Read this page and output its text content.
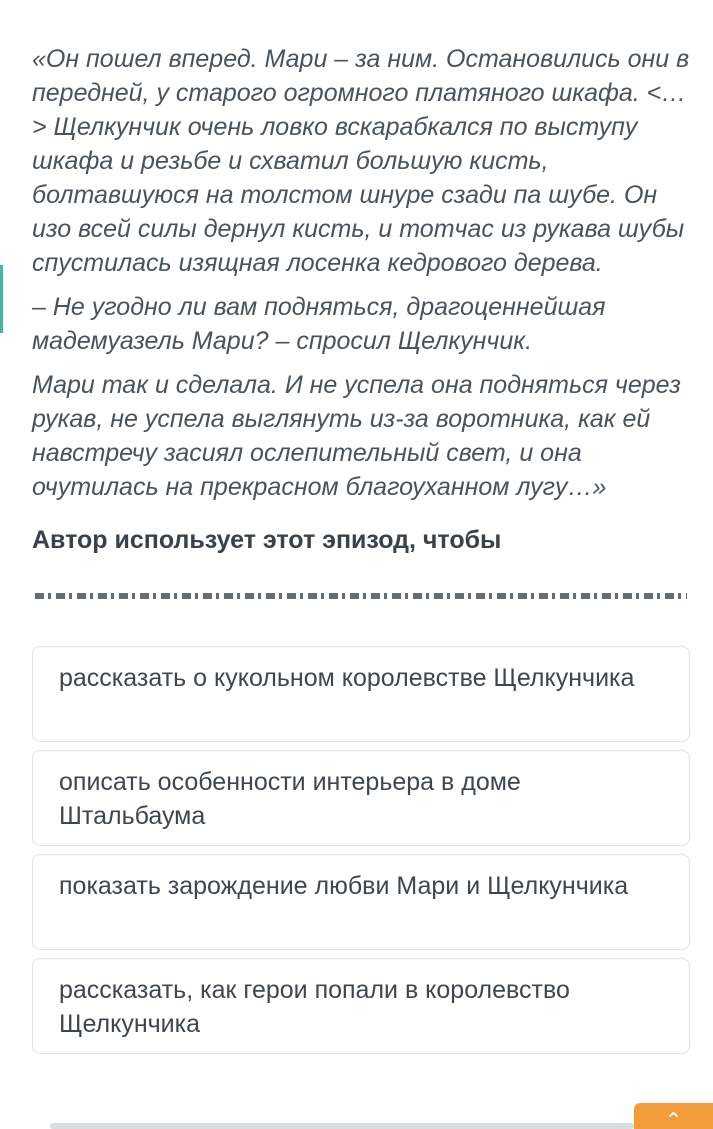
«Он пошел вперед. Мари – за ним. Остановились они в передней, у старого огромного платяного шкафа. <…> Щелкунчик очень ловко вскарабкался по выступу шкафа и резьбе и схватил большую кисть, болтавшуюся на толстом шнуре сзади па шубе. Он изо всей силы дернул кисть, и тотчас из рукава шубы спустилась изящная лосенка кедрового дерева.

– Не угодно ли вам подняться, драгоценнейшая мадемуазель Мари? – спросил Щелкунчик.

Мари так и сделала. И не успела она подняться через рукав, не успела выглянуть из-за воротника, как ей навстречу засиял ослепительный свет, и она очутилась на прекрасном благоуханном лугу…»

Автор использует этот эпизод, чтобы
рассказать о кукольном королевстве Щелкунчика
описать особенности интерьера в доме Штальбаума
показать зарождение любви Мари и Щелкунчика
рассказать, как герои попали в королевство Щелкунчика
⌃
